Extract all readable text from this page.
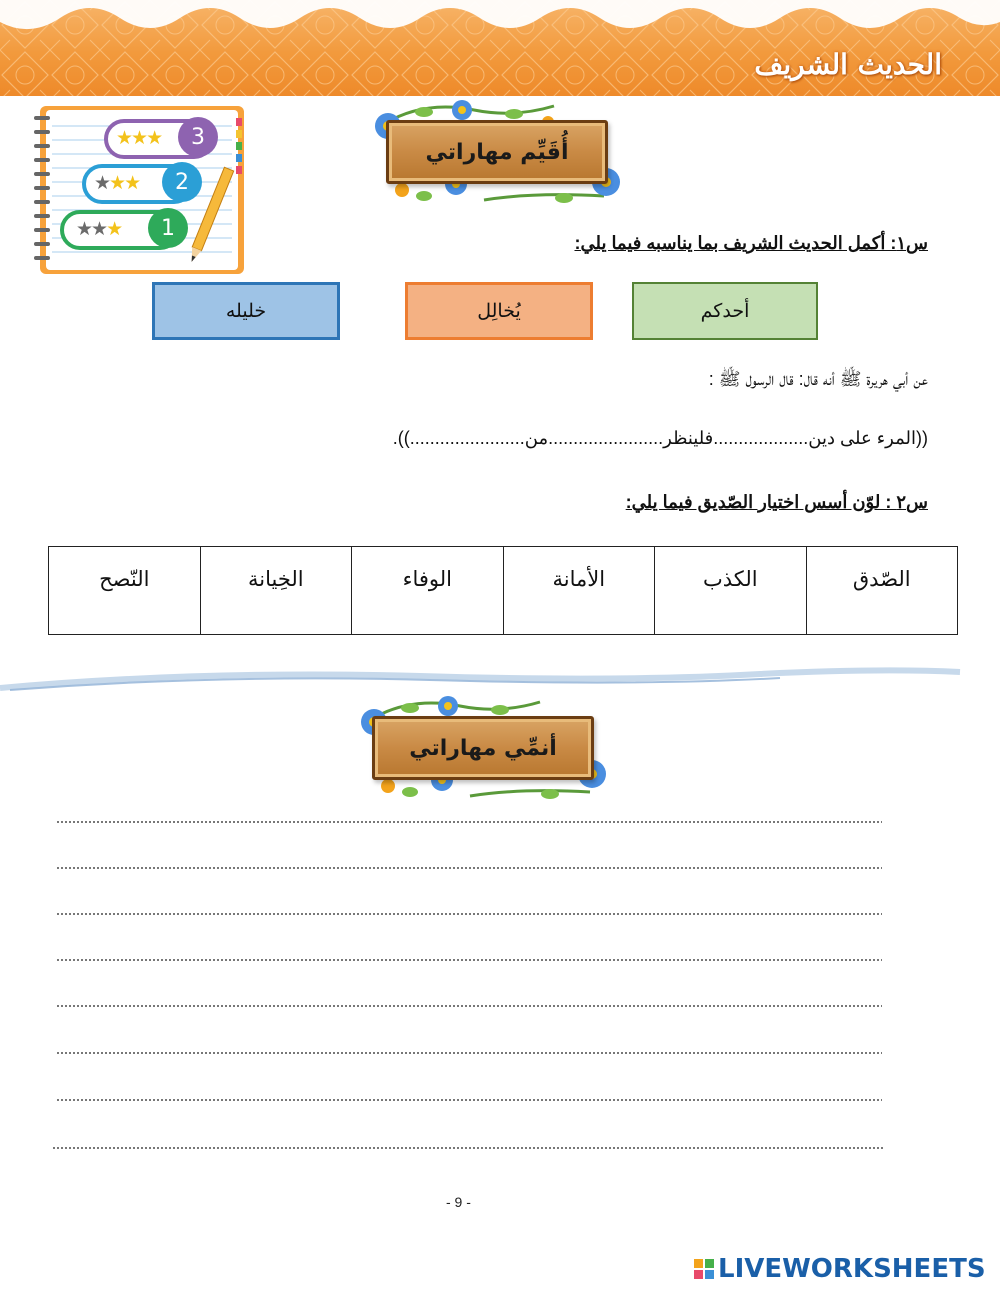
الحديث الشريف
★★★
★★★
★★★
3
2
1
أُقَيِّم مهاراتي
س١: أكمل الحديث الشريف بما يناسبه فيما يلي:
خليله	يُخالِل	أحدكم
عن أبي هريرة ﷺ أنه قال: قال الرسول ﷺ :
((المرء على دين...................فلينظر.......................من.......................)).
س٢ : لوّن أسس اختيار الصّديق فيما يلي:
الصّدق	الكذب	الأمانة	الوفاء	الخِيانة	النّصح
أنمِّي مهاراتي
- 9 -
LIVEWORKSHEETS
